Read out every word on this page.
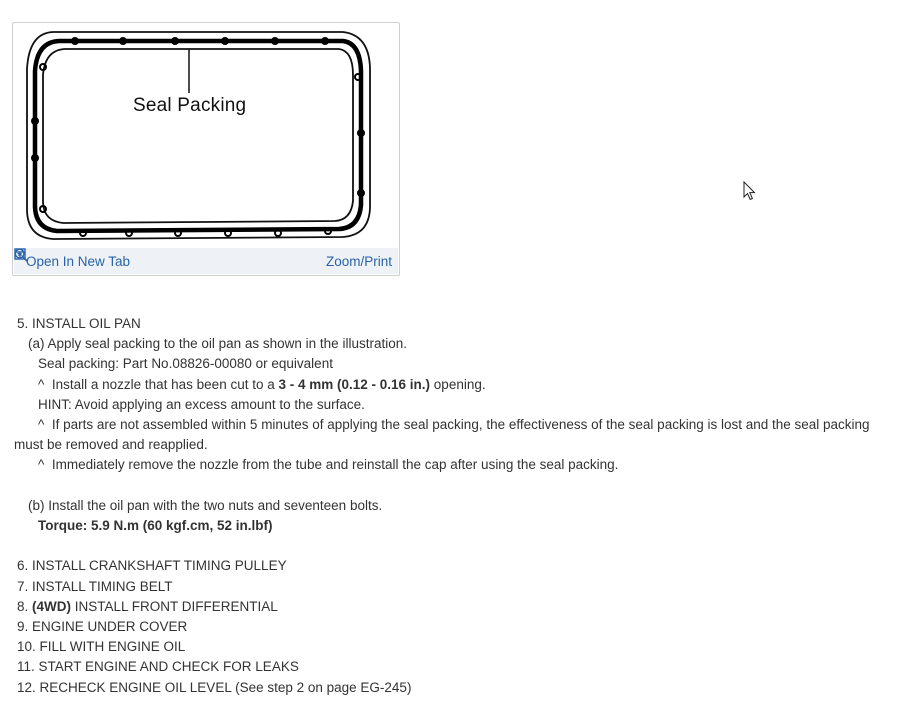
Seal Packing
Open In New Tab	Zoom/Print
5. INSTALL OIL PAN
(a) Apply seal packing to the oil pan as shown in the illustration.
Seal packing: Part No.08826-00080 or equivalent
^  Install a nozzle that has been cut to a 3 - 4 mm (0.12 - 0.16 in.) opening.
HINT: Avoid applying an excess amount to the surface.
^  If parts are not assembled within 5 minutes of applying the seal packing, the effectiveness of the seal packing is lost and the seal packing must be removed and reapplied.
^  Immediately remove the nozzle from the tube and reinstall the cap after using the seal packing.
(b) Install the oil pan with the two nuts and seventeen bolts.
Torque: 5.9 N.m (60 kgf.cm, 52 in.lbf)
6. INSTALL CRANKSHAFT TIMING PULLEY
7. INSTALL TIMING BELT
8. (4WD) INSTALL FRONT DIFFERENTIAL
9. ENGINE UNDER COVER
10. FILL WITH ENGINE OIL
11. START ENGINE AND CHECK FOR LEAKS
12. RECHECK ENGINE OIL LEVEL (See step 2 on page EG-245)
